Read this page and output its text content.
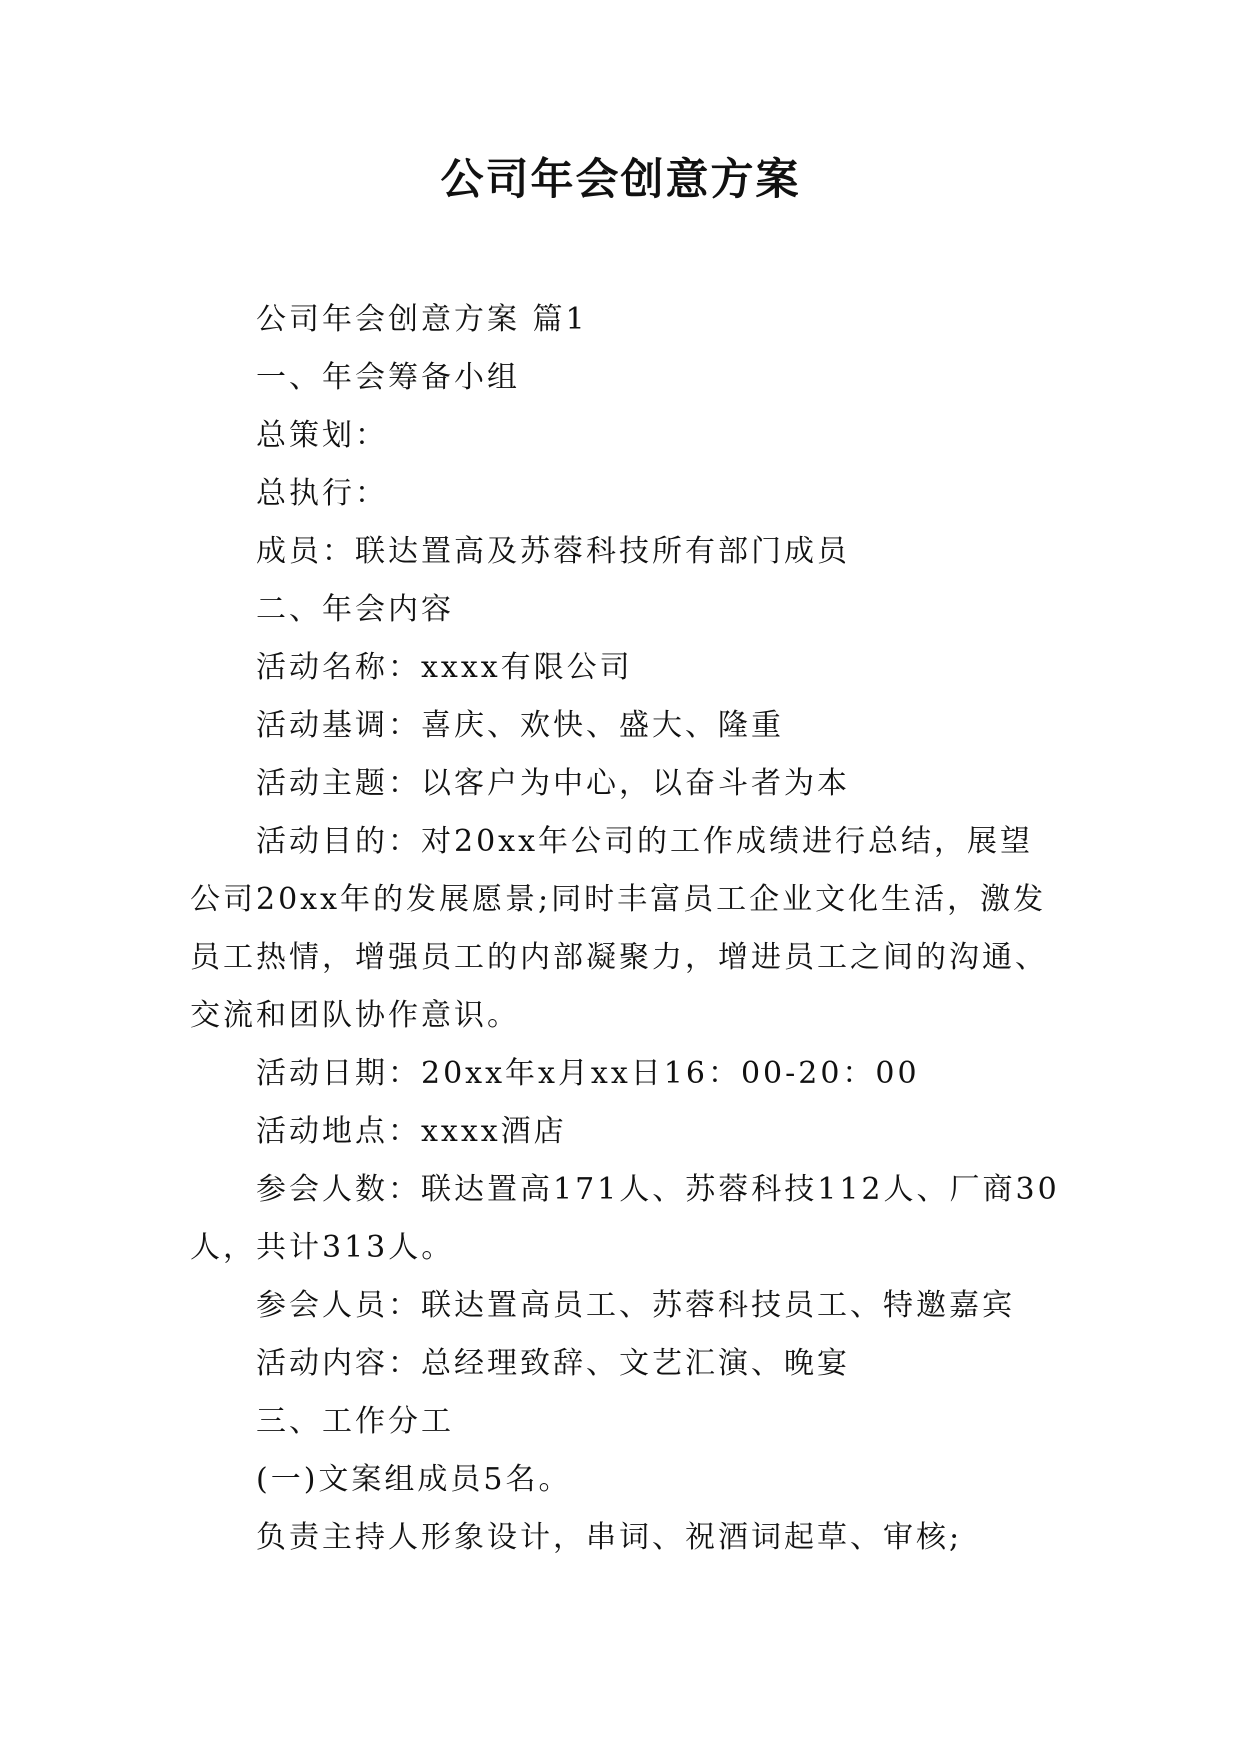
公司年会创意方案

公司年会创意方案 篇1

一、年会筹备小组

总策划：

总执行：

成员：联达置高及苏蓉科技所有部门成员

二、年会内容

活动名称：xxxx有限公司

活动基调：喜庆、欢快、盛大、隆重

活动主题：以客户为中心，以奋斗者为本

活动目的：对20xx年公司的工作成绩进行总结，展望公司20xx年的发展愿景;同时丰富员工企业文化生活，激发员工热情，增强员工的内部凝聚力，增进员工之间的沟通、交流和团队协作意识。

活动日期：20xx年x月xx日16：00-20：00

活动地点：xxxx酒店

参会人数：联达置高171人、苏蓉科技112人、厂商30人，共计313人。

参会人员：联达置高员工、苏蓉科技员工、特邀嘉宾

活动内容：总经理致辞、文艺汇演、晚宴

三、工作分工

(一)文案组成员5名。

负责主持人形象设计，串词、祝酒词起草、审核;
